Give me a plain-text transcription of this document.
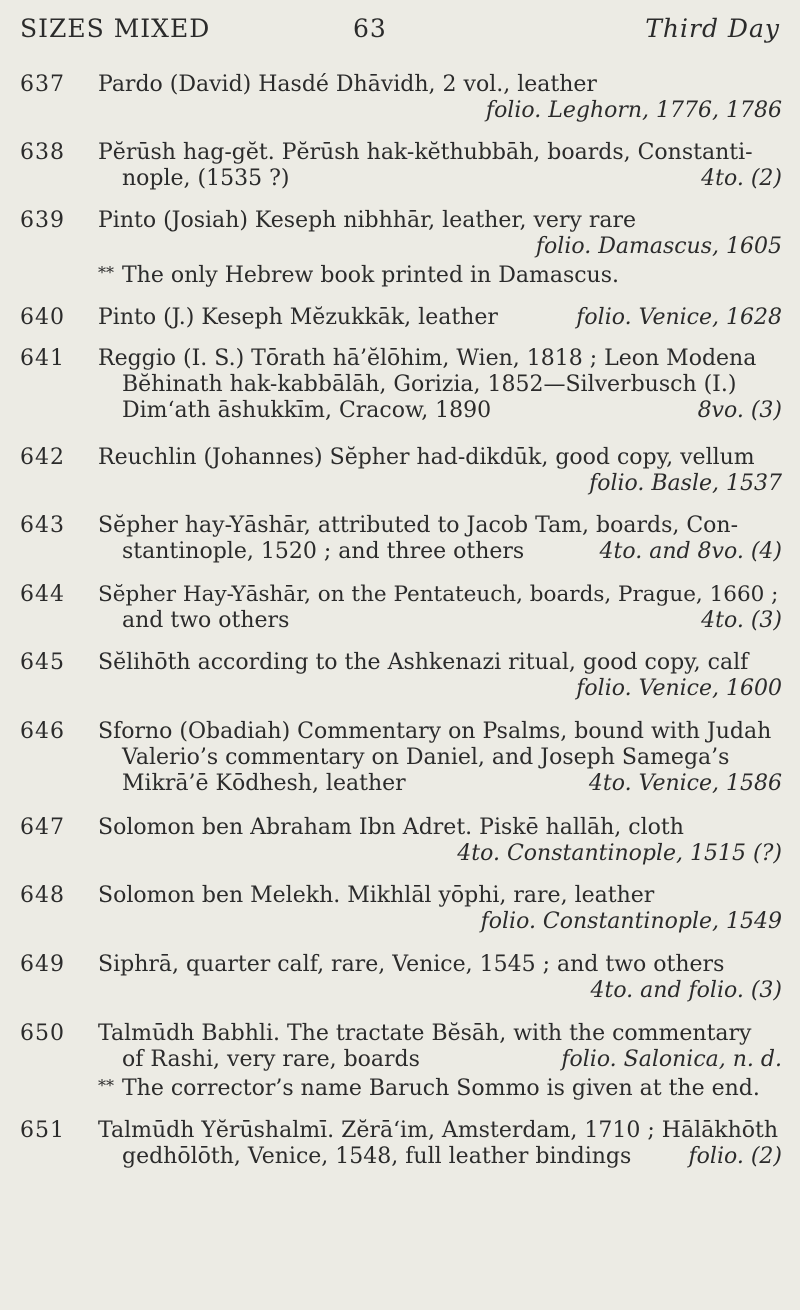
SIZES MIXED	63	Third Day
637 Pardo (David) Hasdé Dhāvidh, 2 vol., leather
folio. Leghorn, 1776, 1786
638 Pĕrūsh hag-gĕt. Pĕrūsh hak-kĕthubbāh, boards, Constanti-
nople, (1535 ?)	4to. (2)
639 Pinto (Josiah) Keseph nibhhār, leather, very rare
folio. Damascus, 1605
** The only Hebrew book printed in Damascus.
640 Pinto (J.) Keseph Mĕzukkāk, leather	folio. Venice, 1628
641 Reggio (I. S.) Tōrath hā’ĕlōhim, Wien, 1818 ; Leon Modena
Bĕhinath hak-kabbālāh, Gorizia, 1852—Silverbusch (I.)
Dim‘ath āshukkīm, Cracow, 1890	8vo. (3)
642 Reuchlin (Johannes) Sĕpher had-dikdūk, good copy, vellum
folio. Basle, 1537
643 Sĕpher hay-Yāshār, attributed to Jacob Tam, boards, Con-
stantinople, 1520 ; and three others	4to. and 8vo. (4)
644 Sĕpher Hay-Yāshār, on the Pentateuch, boards, Prague, 1660 ;
and two others	4to. (3)
645 Sĕlihōth according to the Ashkenazi ritual, good copy, calf
folio. Venice, 1600
646 Sforno (Obadiah) Commentary on Psalms, bound with Judah
Valerio’s commentary on Daniel, and Joseph Samega’s
Mikrā’ē Kōdhesh, leather	4to. Venice, 1586
647 Solomon ben Abraham Ibn Adret. Piskē hallāh, cloth
4to. Constantinople, 1515 (?)
648 Solomon ben Melekh. Mikhlāl yōphi, rare, leather
folio. Constantinople, 1549
649 Siphrā, quarter calf, rare, Venice, 1545 ; and two others
4to. and folio. (3)
650 Talmūdh Babhli. The tractate Bĕsāh, with the commentary
of Rashi, very rare, boards	folio. Salonica, n. d.
** The corrector’s name Baruch Sommo is given at the end.
651 Talmūdh Yĕrūshalmī. Zĕrā‘im, Amsterdam, 1710 ; Hālākhōth
gedhōlōth, Venice, 1548, full leather bindings	folio. (2)
